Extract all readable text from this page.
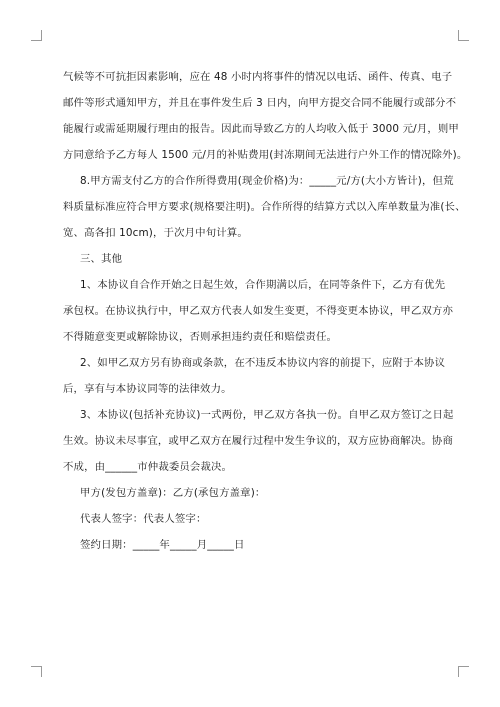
气候等不可抗拒因素影响，应在 48 小时内将事件的情况以电话、函件、传真、电子

邮件等形式通知甲方，并且在事件发生后 3 日内，向甲方提交合同不能履行或部分不

能履行或需延期履行理由的报告。因此而导致乙方的人均收入低于 3000 元/月，则甲

方同意给予乙方每人 1500 元/月的补贴费用(封冻期间无法进行户外工作的情况除外)。

8.甲方需支付乙方的合作所得费用(现金价格)为：_____元/方(大小方皆计)，但荒

料质量标准应符合甲方要求(规格要注明)。合作所得的结算方式以入库单数量为准(长、

宽、高各扣 10cm)，于次月中旬计算。

三、其他

1、本协议自合作开始之日起生效，合作期满以后，在同等条件下，乙方有优先

承包权。在协议执行中，甲乙双方代表人如发生变更，不得变更本协议，甲乙双方亦

不得随意变更或解除协议，否则承担违约责任和赔偿责任。

2、如甲乙双方另有协商或条款，在不违反本协议内容的前提下，应附于本协议

后，享有与本协议同等的法律效力。

3、本协议(包括补充协议)一式两份，甲乙双方各执一份。自甲乙双方签订之日起

生效。协议未尽事宜，或甲乙双方在履行过程中发生争议的，双方应协商解决。协商

不成，由______市仲裁委员会裁决。

甲方(发包方盖章)：乙方(承包方盖章)：

代表人签字：代表人签字：

签约日期：_____年_____月_____日
